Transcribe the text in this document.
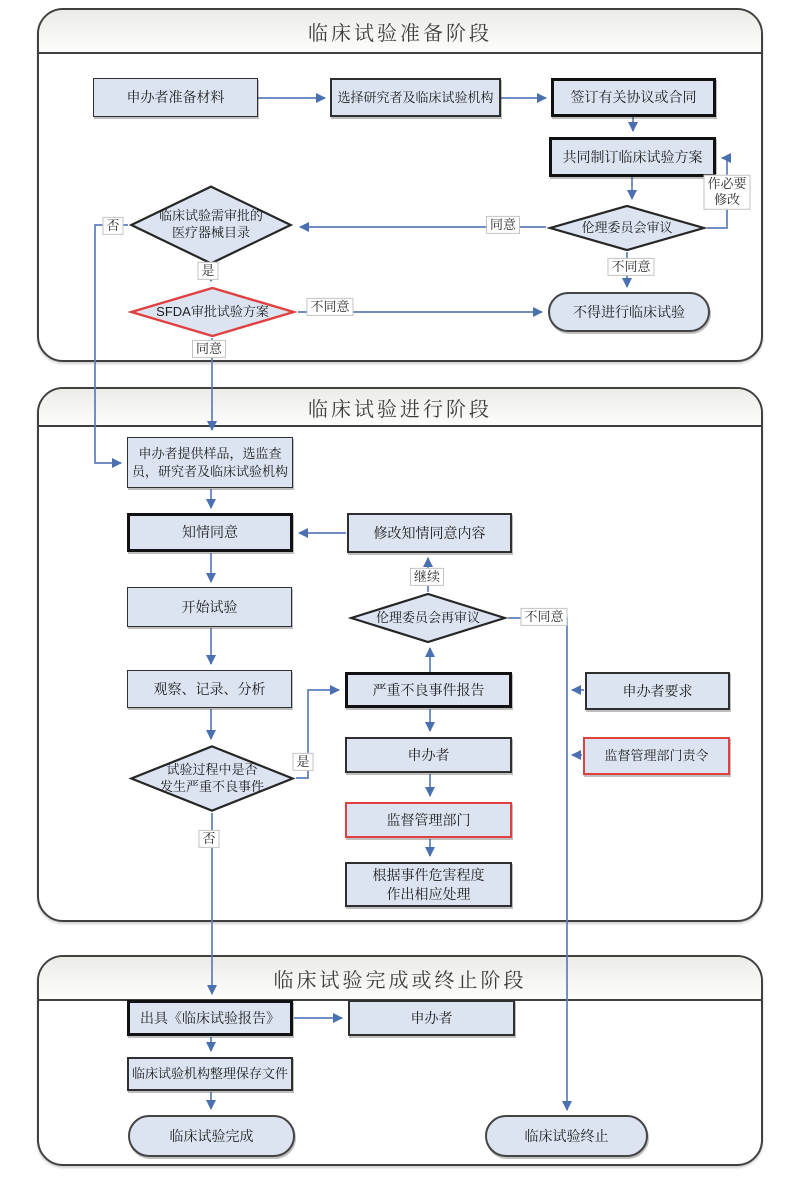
临床试验准备阶段
临床试验进行阶段
临床试验完成或终止阶段
申办者准备材料	选择研究者及临床试验机构	签订有关协议或合同
共同制订临床试验方案
伦理委员会审议
临床试验需审批的
医疗器械目录
SFDA审批试验方案	不得进行临床试验
申办者提供样品，选监查
员，研究者及临床试验机构
知情同意	修改知情同意内容
开始试验
观察、记录、分析
试验过程中是否
发生严重不良事件
伦理委员会再审议
严重不良事件报告
申办者
监督管理部门
根据事件危害程度
作出相应处理
申办者要求
监督管理部门责令
出具《临床试验报告》	申办者
临床试验机构整理保存文件
临床试验完成	临床试验终止
否	同意
不同意
作必要
修改
是
不同意
同意
继续
不同意
是
否
